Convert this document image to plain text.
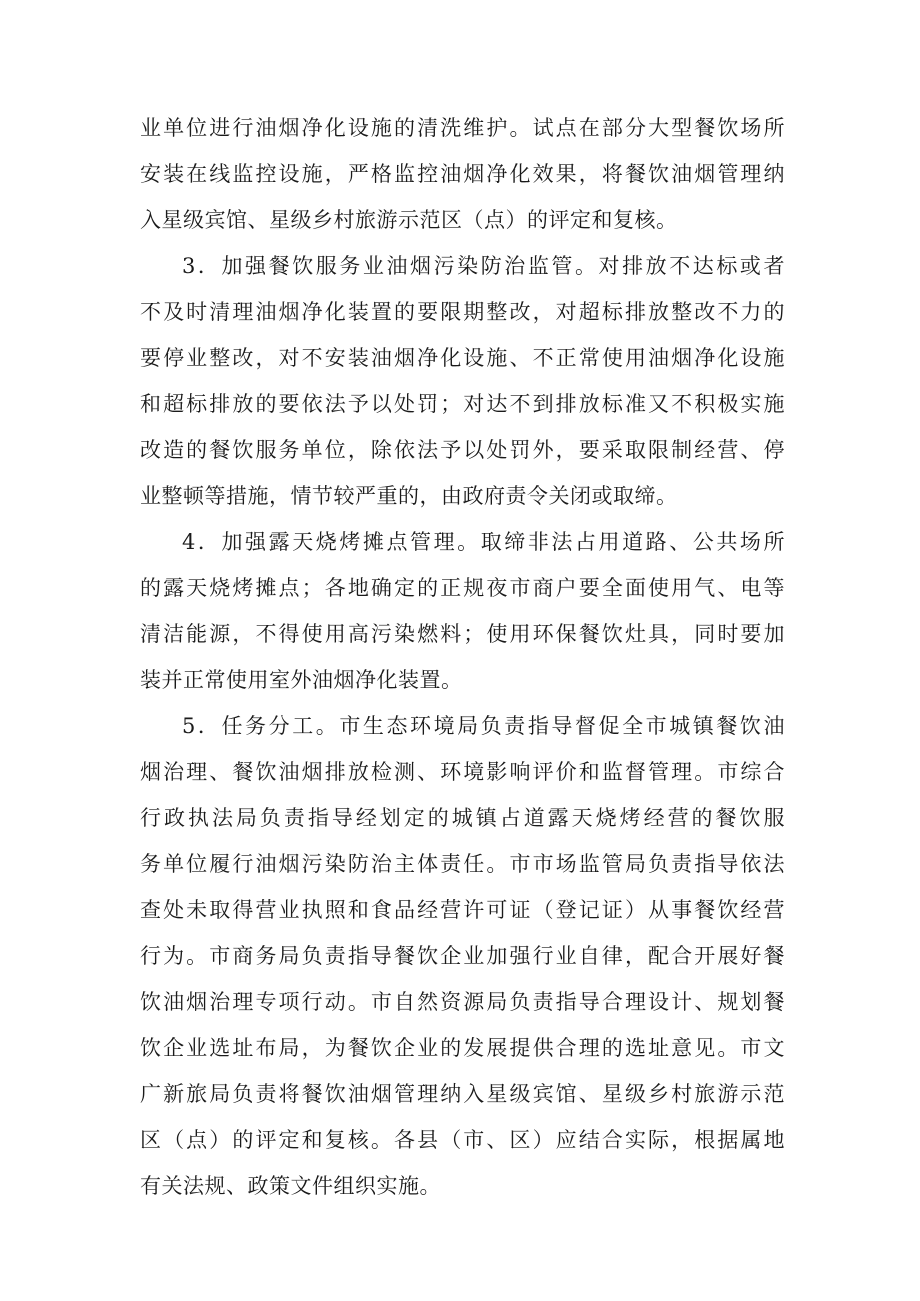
业单位进行油烟净化设施的清洗维护。试点在部分大型餐饮场所
安装在线监控设施，严格监控油烟净化效果，将餐饮油烟管理纳
入星级宾馆、星级乡村旅游示范区（点）的评定和复核。
3．加强餐饮服务业油烟污染防治监管。对排放不达标或者
不及时清理油烟净化装置的要限期整改，对超标排放整改不力的
要停业整改，对不安装油烟净化设施、不正常使用油烟净化设施
和超标排放的要依法予以处罚；对达不到排放标准又不积极实施
改造的餐饮服务单位，除依法予以处罚外，要采取限制经营、停
业整顿等措施，情节较严重的，由政府责令关闭或取缔。
4．加强露天烧烤摊点管理。取缔非法占用道路、公共场所
的露天烧烤摊点；各地确定的正规夜市商户要全面使用气、电等
清洁能源，不得使用高污染燃料；使用环保餐饮灶具，同时要加
装并正常使用室外油烟净化装置。
5．任务分工。市生态环境局负责指导督促全市城镇餐饮油
烟治理、餐饮油烟排放检测、环境影响评价和监督管理。市综合
行政执法局负责指导经划定的城镇占道露天烧烤经营的餐饮服
务单位履行油烟污染防治主体责任。市市场监管局负责指导依法
查处未取得营业执照和食品经营许可证（登记证）从事餐饮经营
行为。市商务局负责指导餐饮企业加强行业自律，配合开展好餐
饮油烟治理专项行动。市自然资源局负责指导合理设计、规划餐
饮企业选址布局，为餐饮企业的发展提供合理的选址意见。市文
广新旅局负责将餐饮油烟管理纳入星级宾馆、星级乡村旅游示范
区（点）的评定和复核。各县（市、区）应结合实际，根据属地
有关法规、政策文件组织实施。
